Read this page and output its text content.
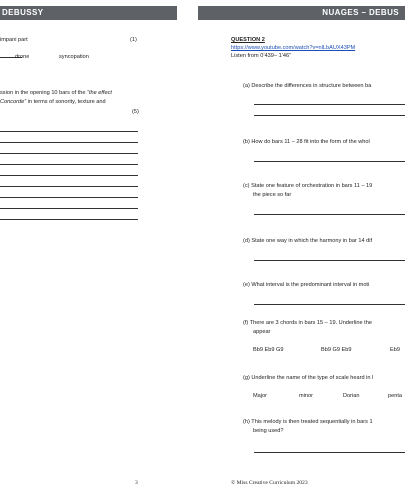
DEBUSSY
impani part	(1)
drone	syncopation
ssion in the opening 10 bars of the “the effect
Concorde” in terms of sonority, texture and
(5)
3
NUAGES – DEBUS
QUESTION 2
https://www.youtube.com/watch?v=nlLbAUX43PM
Listen from 0’439– 1’46”
(a) Describe the differences in structure between ba
(b) How do bars 11 – 28 fit into the form of the whol
(c) State one feature of orchestration in bars 11 – 19
the piece so far
(d) State one way in which the harmony in bar 14 dif
(e) What interval is the predominant interval in moti
(f) There are 3 chords in bars 15 – 19. Underline the
appear
Bb9 Eb9 G9	Bb9 G9 Eb9	Eb9
(g) Underline the name of the type of scale heard in l
Major	minor	Dorian	penta
(h) This melody is then treated sequentially in bars 1
being used?
© Miss Creative Curriculum 2023
